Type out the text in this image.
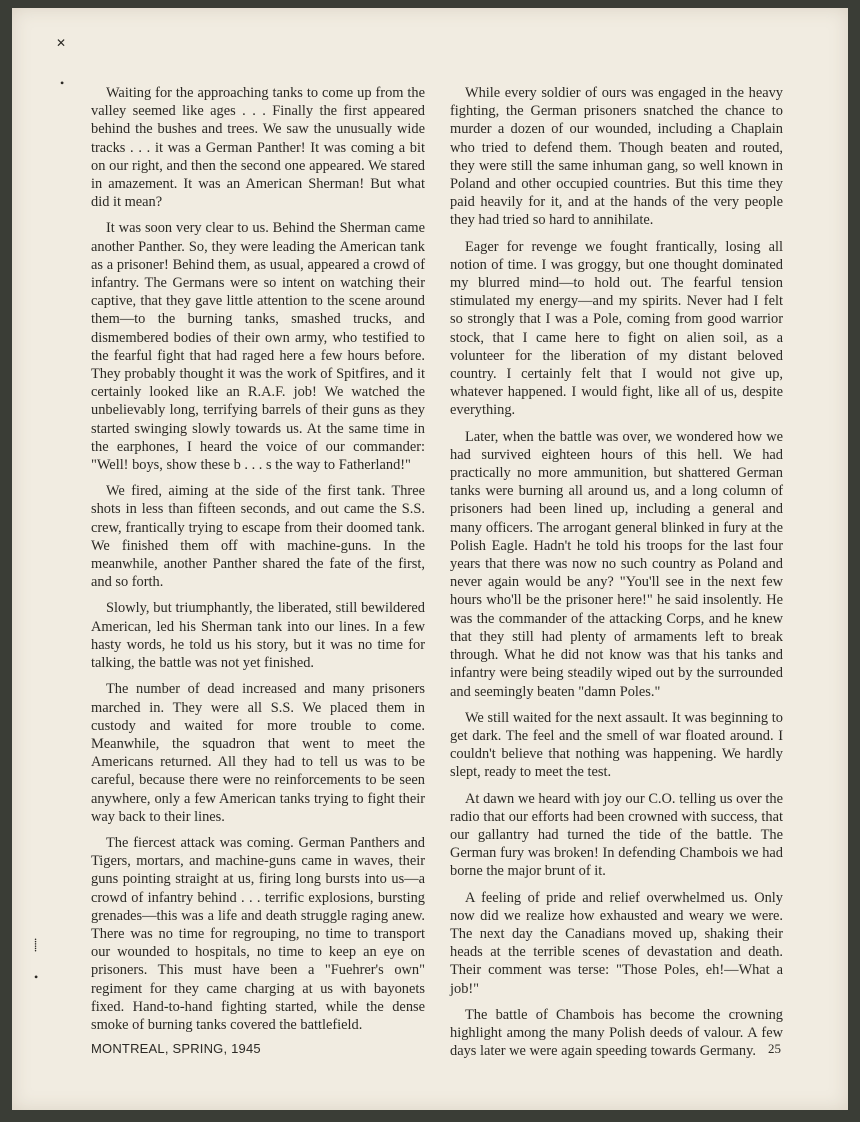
✕
•
⸽
•

Waiting for the approaching tanks to come up from the valley seemed like ages . . . Finally the first appeared behind the bushes and trees. We saw the unusually wide tracks . . . it was a German Panther! It was coming a bit on our right, and then the second one appeared. We stared in amazement. It was an American Sherman! But what did it mean?

It was soon very clear to us. Behind the Sherman came another Panther. So, they were leading the American tank as a prisoner! Behind them, as usual, appeared a crowd of infantry. The Germans were so intent on watching their captive, that they gave little attention to the scene around them—to the burning tanks, smashed trucks, and dismembered bodies of their own army, who testified to the fearful fight that had raged here a few hours before. They probably thought it was the work of Spitfires, and it certainly looked like an R.A.F. job! We watched the unbelievably long, terrifying barrels of their guns as they started swinging slowly towards us. At the same time in the earphones, I heard the voice of our commander: "Well! boys, show these b . . . s the way to Fatherland!"

We fired, aiming at the side of the first tank. Three shots in less than fifteen seconds, and out came the S.S. crew, frantically trying to escape from their doomed tank. We finished them off with machine-guns. In the meanwhile, another Panther shared the fate of the first, and so forth.

Slowly, but triumphantly, the liberated, still bewildered American, led his Sherman tank into our lines. In a few hasty words, he told us his story, but it was no time for talking, the battle was not yet finished.

The number of dead increased and many prisoners marched in. They were all S.S. We placed them in custody and waited for more trouble to come. Meanwhile, the squadron that went to meet the Americans returned. All they had to tell us was to be careful, because there were no reinforcements to be seen anywhere, only a few American tanks trying to fight their way back to their lines.

The fiercest attack was coming. German Panthers and Tigers, mortars, and machine-guns came in waves, their guns pointing straight at us, firing long bursts into us—a crowd of infantry behind . . . terrific explosions, bursting grenades—this was a life and death struggle raging anew. There was no time for regrouping, no time to transport our wounded to hospitals, no time to keep an eye on prisoners. This must have been a "Fuehrer's own" regiment for they came charging at us with bayonets fixed. Hand-to-hand fighting started, while the dense smoke of burning tanks covered the battlefield.

While every soldier of ours was engaged in the heavy fighting, the German prisoners snatched the chance to murder a dozen of our wounded, including a Chaplain who tried to defend them. Though beaten and routed, they were still the same inhuman gang, so well known in Poland and other occupied countries. But this time they paid heavily for it, and at the hands of the very people they had tried so hard to annihilate.

Eager for revenge we fought frantically, losing all notion of time. I was groggy, but one thought dominated my blurred mind—to hold out. The fearful tension stimulated my energy—and my spirits. Never had I felt so strongly that I was a Pole, coming from good warrior stock, that I came here to fight on alien soil, as a volunteer for the liberation of my distant beloved country. I certainly felt that I would not give up, whatever happened. I would fight, like all of us, despite everything.

Later, when the battle was over, we wondered how we had survived eighteen hours of this hell. We had practically no more ammunition, but shattered German tanks were burning all around us, and a long column of prisoners had been lined up, including a general and many officers. The arrogant general blinked in fury at the Polish Eagle. Hadn't he told his troops for the last four years that there was now no such country as Poland and never again would be any? "You'll see in the next few hours who'll be the prisoner here!" he said insolently. He was the commander of the attacking Corps, and he knew that they still had plenty of armaments left to break through. What he did not know was that his tanks and infantry were being steadily wiped out by the surrounded and seemingly beaten "damn Poles."

We still waited for the next assault. It was beginning to get dark. The feel and the smell of war floated around. I couldn't believe that nothing was happening. We hardly slept, ready to meet the test.

At dawn we heard with joy our C.O. telling us over the radio that our efforts had been crowned with success, that our gallantry had turned the tide of the battle. The German fury was broken! In defending Chambois we had borne the major brunt of it.

A feeling of pride and relief overwhelmed us. Only now did we realize how exhausted and weary we were. The next day the Canadians moved up, shaking their heads at the terrible scenes of devastation and death. Their comment was terse: "Those Poles, eh!—What a job!"

The battle of Chambois has become the crowning highlight among the many Polish deeds of valour. A few days later we were again speeding towards Germany.

MONTREAL, SPRING, 1945	25
